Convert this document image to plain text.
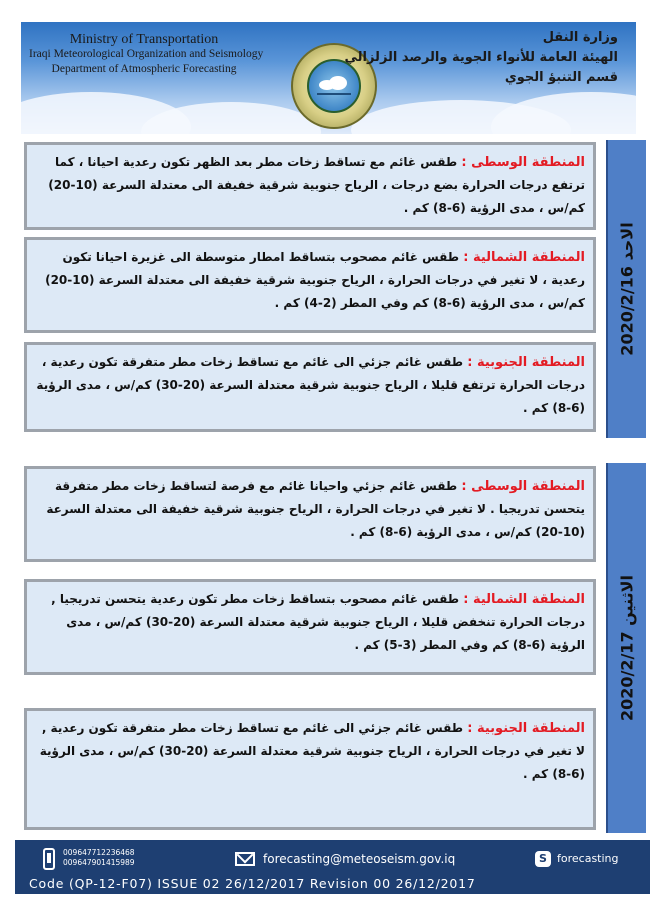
Ministry of Transportation
Iraqi Meteorological Organization and Seismology
Department of Atmospheric Forecasting
وزارة النقل
الهيئة العامة للأنواء الجوية والرصد الزلزالي
قسم التنبؤ الجوي
المنطقة الوسطى : طقس غائم مع تساقط زخات مطر بعد الظهر تكون رعدية احيانا ، كما ترتفع درجات الحرارة بضع درجات ، الرياح جنوبية شرقية خفيفة الى معتدلة السرعة (10-20) كم/س ، مدى الرؤية (6-8) كم .
المنطقة الشمالية : طقس غائم مصحوب بتساقط امطار متوسطة الى غزيرة احيانا تكون رعدية ، لا تغير في درجات الحرارة ، الرياح جنوبية شرقية خفيفة الى معتدلة السرعة (10-20) كم/س ، مدى الرؤية (6-8) كم وفي المطر (2-4) كم .
المنطقة الجنوبية : طقس غائم جزئي الى غائم مع تساقط زخات مطر متفرقة تكون رعدية ، درجات الحرارة ترتفع قليلا ، الرياح جنوبية شرقية معتدلة السرعة (20-30) كم/س ، مدى الرؤية (6-8) كم .
الاحد 2020/2/16
المنطقة الوسطى : طقس غائم جزئي واحيانا غائم مع فرصة لتساقط زخات مطر متفرقة يتحسن تدريجيا . لا تغير في درجات الحرارة ، الرياح جنوبية شرقية خفيفة الى معتدلة السرعة (10-20) كم/س ، مدى الرؤية (6-8) كم .
المنطقة الشمالية : طقس غائم مصحوب بتساقط زخات مطر تكون رعدية يتحسن تدريجيا , درجات الحرارة تنخفض قليلا ، الرياح جنوبية شرقية معتدلة السرعة (20-30) كم/س ، مدى الرؤية (6-8) كم وفي المطر (3-5) كم .
المنطقة الجنوبية : طقس غائم جزئي الى غائم مع تساقط زخات مطر متفرقة تكون رعدية , لا تغير في درجات الحرارة ، الرياح جنوبية شرقية معتدلة السرعة (20-30) كم/س ، مدى الرؤية (6-8) كم .
الاثنين 2020/2/17
009647712236468
009647901415989	forecasting@meteoseism.gov.iq	S forecasting
Code (QP-12-F07) ISSUE 02 26/12/2017 Revision 00 26/12/2017
